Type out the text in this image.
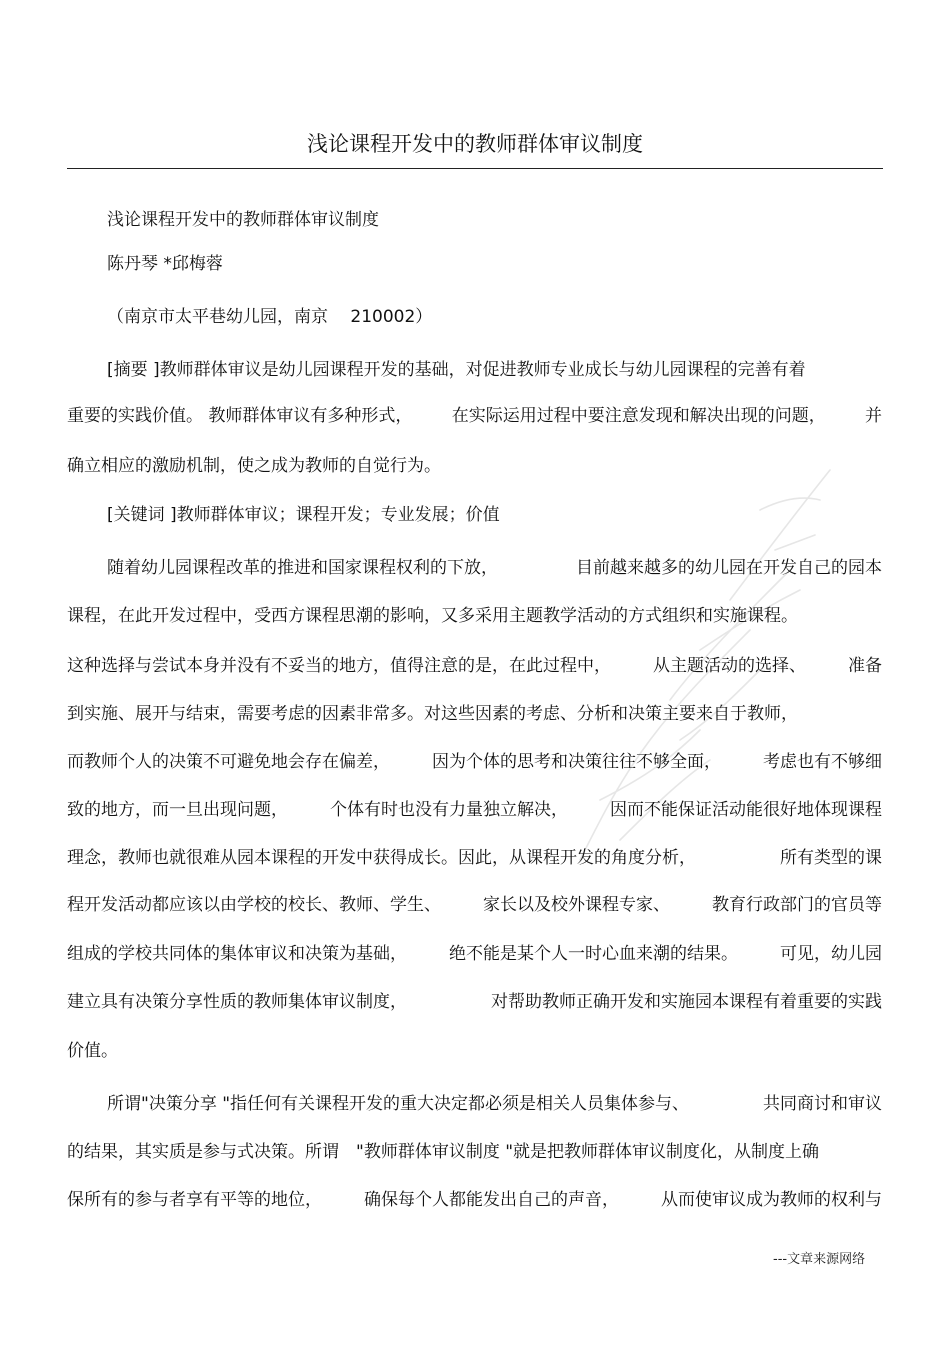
浅论课程开发中的教师群体审议制度
浅论课程开发中的教师群体审议制度
陈丹琴 *邱梅蓉
（南京市太平巷幼儿园，南京　 210002）
[摘要 ]教师群体审议是幼儿园课程开发的基础，对促进教师专业成长与幼儿园课程的完善有着
重要的实践价值。 教师群体审议有多种形式， 在实际运用过程中要注意发现和解决出现的问题， 并
确立相应的激励机制，使之成为教师的自觉行为。
[关键词 ]教师群体审议；课程开发；专业发展；价值
随着幼儿园课程改革的推进和国家课程权利的下放，	目前越来越多的幼儿园在开发自己的园本
课程，在此开发过程中，受西方课程思潮的影响，又多采用主题教学活动的方式组织和实施课程。
这种选择与尝试本身并没有不妥当的地方，值得注意的是，在此过程中， 从主题活动的选择、 准备
到实施、展开与结束，需要考虑的因素非常多。对这些因素的考虑、分析和决策主要来自于教师，
而教师个人的决策不可避免地会存在偏差， 因为个体的思考和决策往往不够全面， 考虑也有不够细
致的地方，而一旦出现问题， 个体有时也没有力量独立解决， 因而不能保证活动能很好地体现课程
理念，教师也就很难从园本课程的开发中获得成长。因此，从课程开发的角度分析，	所有类型的课
程开发活动都应该以由学校的校长、教师、学生、 家长以及校外课程专家、 教育行政部门的官员等
组成的学校共同体的集体审议和决策为基础， 绝不能是某个人一时心血来潮的结果。 可见，幼儿园
建立具有决策分享性质的教师集体审议制度，	对帮助教师正确开发和实施园本课程有着重要的实践
价值。
所谓"决策分享 "指任何有关课程开发的重大决定都必须是相关人员集体参与、	共同商讨和审议
的结果，其实质是参与式决策。所谓　"教师群体审议制度 "就是把教师群体审议制度化，从制度上确
保所有的参与者享有平等的地位， 确保每个人都能发出自己的声音， 从而使审议成为教师的权利与
---文章来源网络
